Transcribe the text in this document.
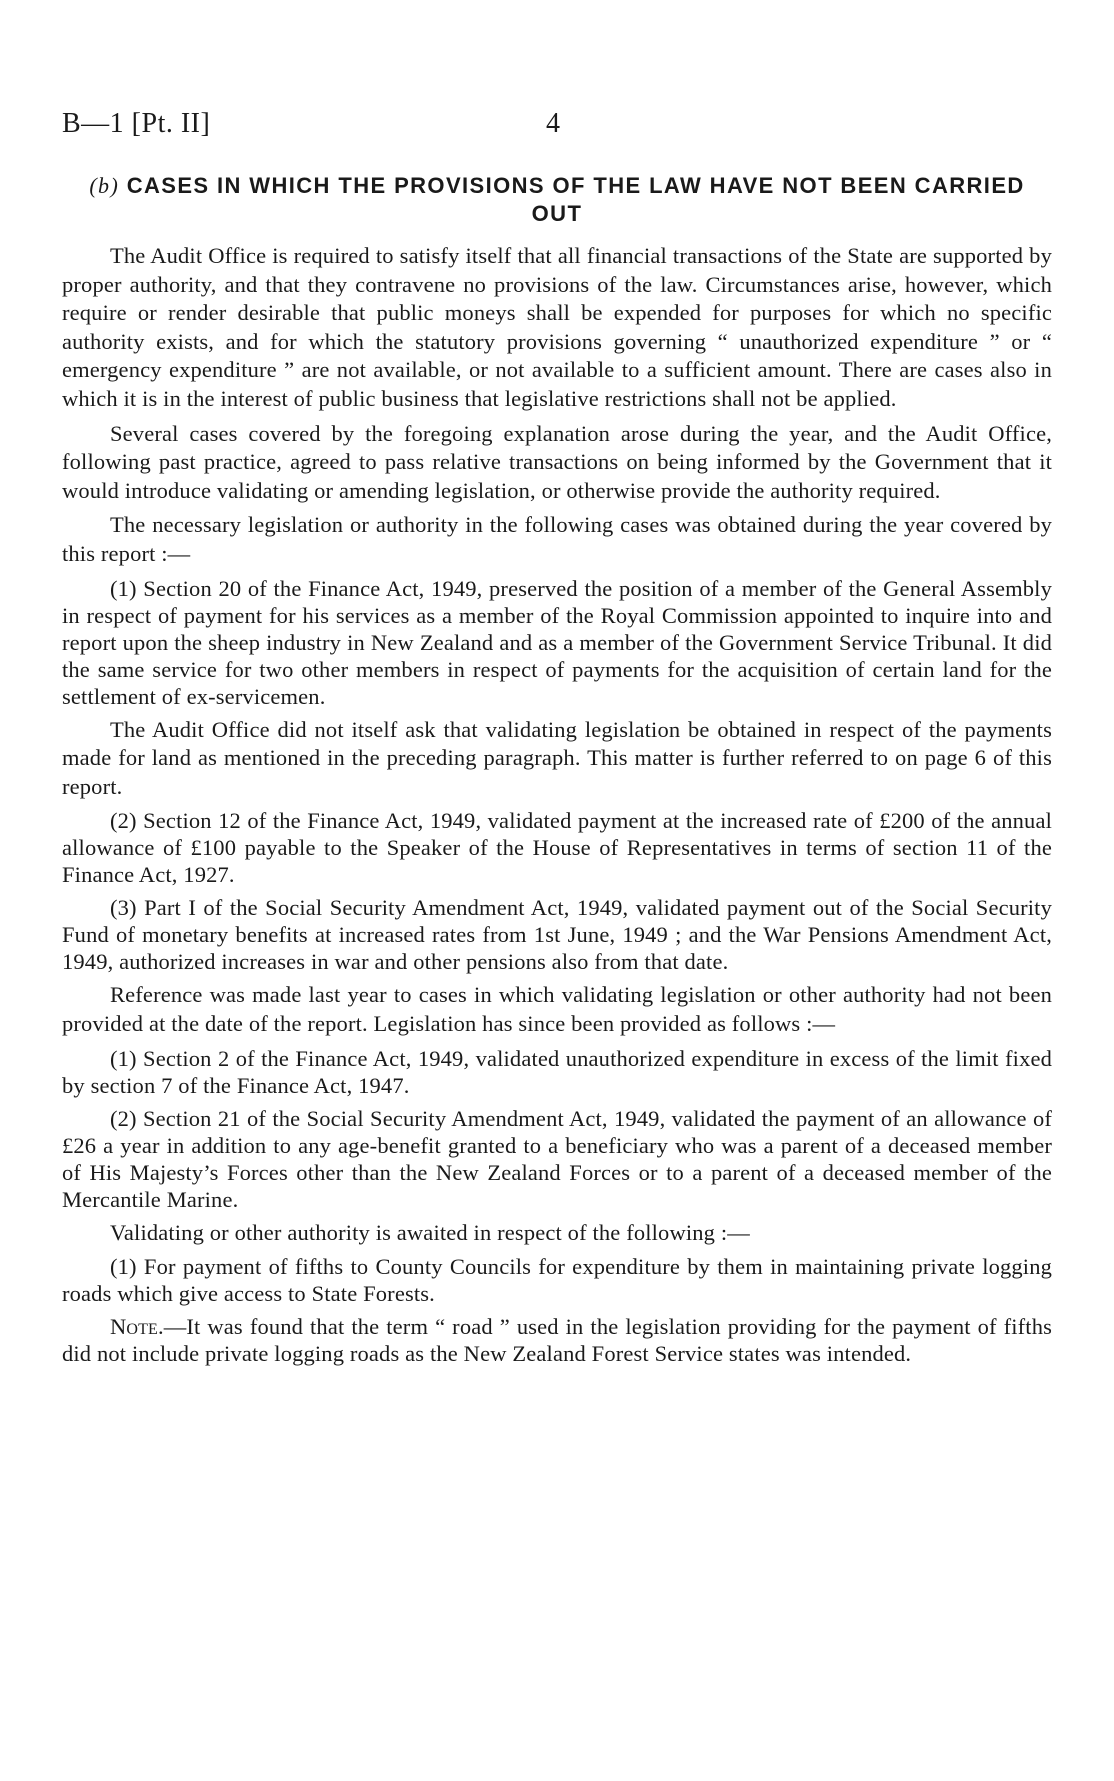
B—1 [Pt. II]	4
(b) CASES IN WHICH THE PROVISIONS OF THE LAW HAVE NOT BEEN CARRIED OUT

The Audit Office is required to satisfy itself that all financial transactions of the State are supported by proper authority, and that they contravene no provisions of the law. Circumstances arise, however, which require or render desirable that public moneys shall be expended for purposes for which no specific authority exists, and for which the statutory provisions governing “ unauthorized expenditure ” or “ emergency expenditure ” are not available, or not available to a sufficient amount. There are cases also in which it is in the interest of public business that legislative restrictions shall not be applied.

Several cases covered by the foregoing explanation arose during the year, and the Audit Office, following past practice, agreed to pass relative transactions on being informed by the Government that it would introduce validating or amending legislation, or otherwise provide the authority required.

The necessary legislation or authority in the following cases was obtained during the year covered by this report :—

(1) Section 20 of the Finance Act, 1949, preserved the position of a member of the General Assembly in respect of payment for his services as a member of the Royal Commission appointed to inquire into and report upon the sheep industry in New Zealand and as a member of the Government Service Tribunal. It did the same service for two other members in respect of payments for the acquisition of certain land for the settlement of ex-servicemen.

The Audit Office did not itself ask that validating legislation be obtained in respect of the payments made for land as mentioned in the preceding paragraph. This matter is further referred to on page 6 of this report.

(2) Section 12 of the Finance Act, 1949, validated payment at the increased rate of £200 of the annual allowance of £100 payable to the Speaker of the House of Representatives in terms of section 11 of the Finance Act, 1927.

(3) Part I of the Social Security Amendment Act, 1949, validated payment out of the Social Security Fund of monetary benefits at increased rates from 1st June, 1949 ; and the War Pensions Amendment Act, 1949, authorized increases in war and other pensions also from that date.

Reference was made last year to cases in which validating legislation or other authority had not been provided at the date of the report. Legislation has since been provided as follows :—

(1) Section 2 of the Finance Act, 1949, validated unauthorized expenditure in excess of the limit fixed by section 7 of the Finance Act, 1947.

(2) Section 21 of the Social Security Amendment Act, 1949, validated the payment of an allowance of £26 a year in addition to any age-benefit granted to a beneficiary who was a parent of a deceased member of His Majesty’s Forces other than the New Zealand Forces or to a parent of a deceased member of the Mercantile Marine.

Validating or other authority is awaited in respect of the following :—

(1) For payment of fifths to County Councils for expenditure by them in maintaining private logging roads which give access to State Forests.

Note.—It was found that the term “ road ” used in the legislation providing for the payment of fifths did not include private logging roads as the New Zealand Forest Service states was intended.
